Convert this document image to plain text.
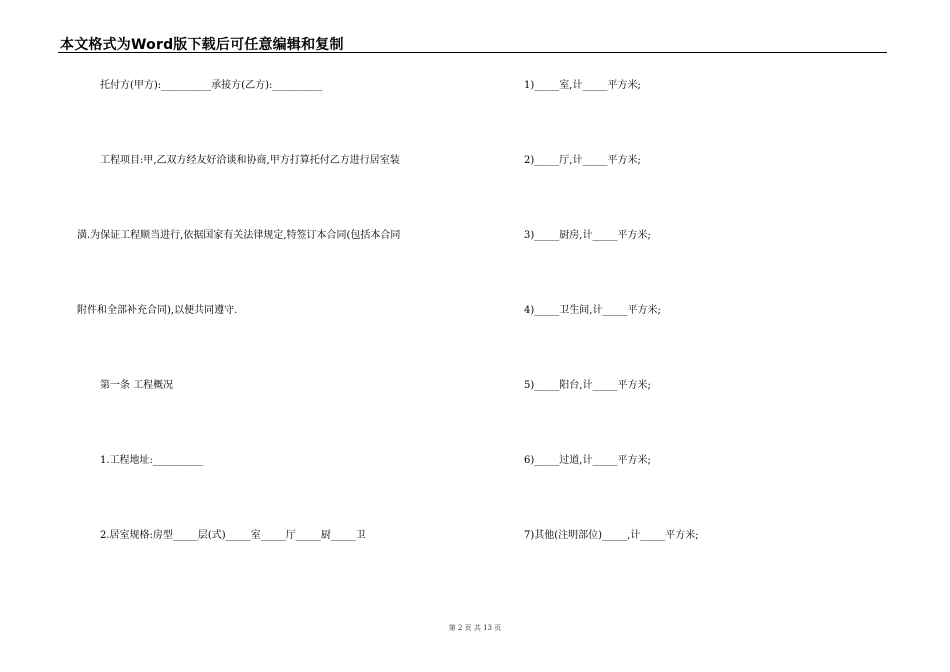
本文格式为Word版下载后可任意编辑和复制
托付方(甲方):__________承接方(乙方):__________
工程项目:甲,乙双方经友好洽谈和协商,甲方打算托付乙方进行居室装
潢.为保证工程顺当进行,依据国家有关法律规定,特签订本合同(包括本合同
附件和全部补充合同),以便共同遵守.
第一条 工程概况
1.工程地址:__________
2.居室规格:房型_____层(式)_____室_____厅_____厨_____卫
1)_____室,计_____平方米;
2)_____厅,计_____平方米;
3)_____厨房,计_____平方米;
4)_____卫生间,计_____平方米;
5)_____阳台,计_____平方米;
6)_____过道,计_____平方米;
7)其他(注明部位)_____,计_____平方米;
第 2 页 共 13 页
